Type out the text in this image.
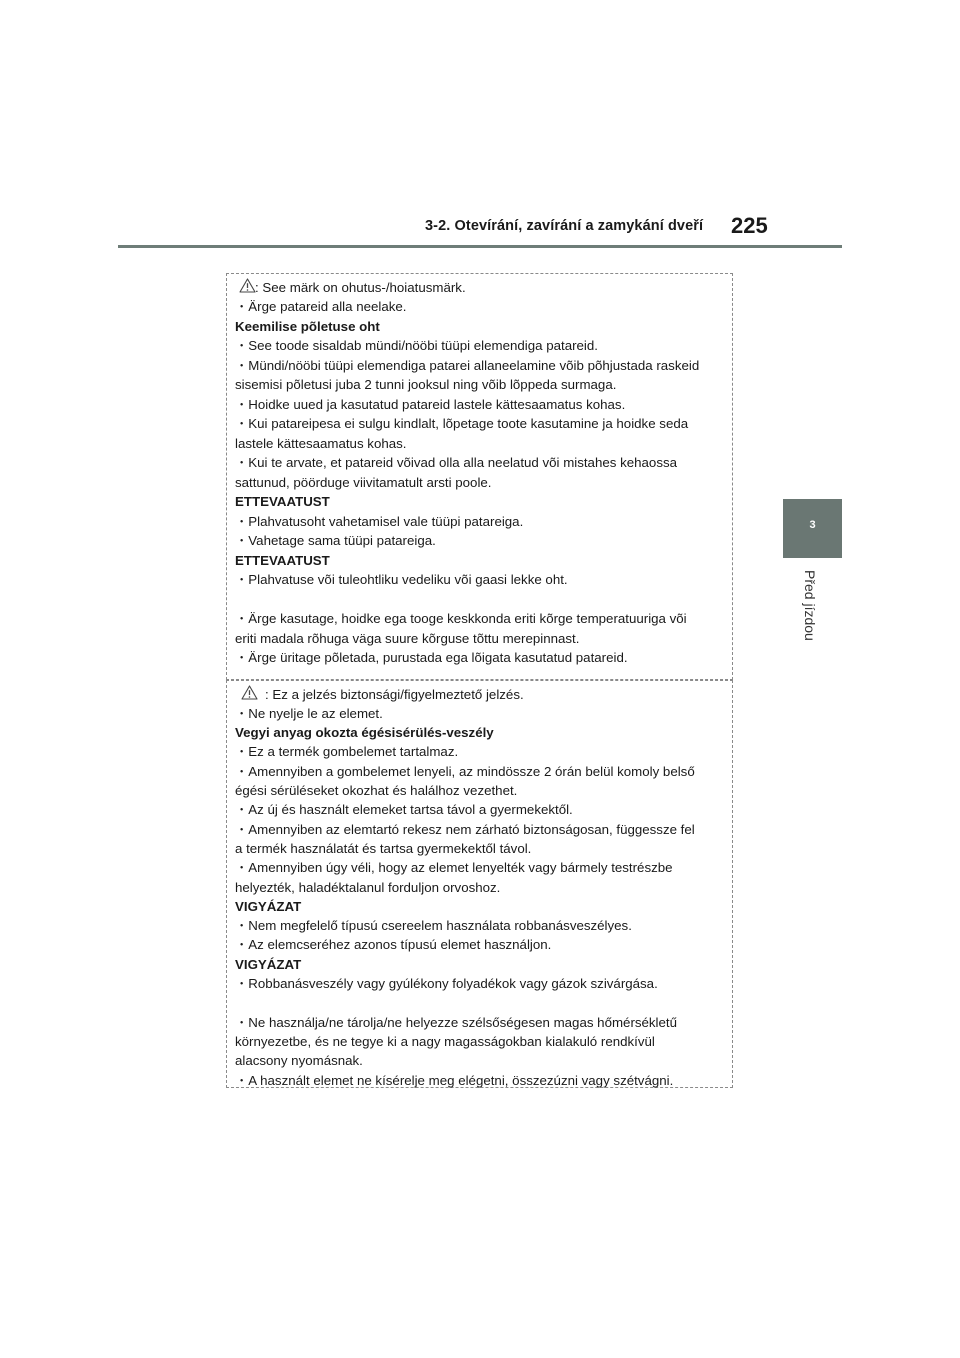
3-2. Otevírání, zavírání a zamykání dveří 225
3
Před jízdou
: See märk on ohutus-/hoiatusmärk.
・Ärge patareid alla neelake.
Keemilise põletuse oht
・See toode sisaldab mündi/nööbi tüüpi elemendiga patareid.
・Mündi/nööbi tüüpi elemendiga patarei allaneelamine võib põhjustada raskeid
sisemisi põletusi juba 2 tunni jooksul ning võib lõppeda surmaga.
・Hoidke uued ja kasutatud patareid lastele kättesaamatus kohas.
・Kui patareipesa ei sulgu kindlalt, lõpetage toote kasutamine ja hoidke seda
lastele kättesaamatus kohas.
・Kui te arvate, et patareid võivad olla alla neelatud või mistahes kehaossa
sattunud, pöörduge viivitamatult arsti poole.
ETTEVAATUST
・Plahvatusoht vahetamisel vale tüüpi patareiga.
・Vahetage sama tüüpi patareiga.
ETTEVAATUST
・Plahvatuse või tuleohtliku vedeliku või gaasi lekke oht.
・Ärge kasutage, hoidke ega tooge keskkonda eriti kõrge temperatuuriga või
eriti madala rõhuga väga suure kõrguse tõttu merepinnast.
・Ärge üritage põletada, purustada ega lõigata kasutatud patareid.
: Ez a jelzés biztonsági/figyelmeztető jelzés.
・Ne nyelje le az elemet.
Vegyi anyag okozta égésisérülés-veszély
・Ez a termék gombelemet tartalmaz.
・Amennyiben a gombelemet lenyeli, az mindössze 2 órán belül komoly belső
égési sérüléseket okozhat és halálhoz vezethet.
・Az új és használt elemeket tartsa távol a gyermekektől.
・Amennyiben az elemtartó rekesz nem zárható biztonságosan, függessze fel
a termék használatát és tartsa gyermekektől távol.
・Amennyiben úgy véli, hogy az elemet lenyelték vagy bármely testrészbe
helyezték, haladéktalanul forduljon orvoshoz.
VIGYÁZAT
・Nem megfelelő típusú csereelem használata robbanásveszélyes.
・Az elemcseréhez azonos típusú elemet használjon.
VIGYÁZAT
・Robbanásveszély vagy gyúlékony folyadékok vagy gázok szivárgása.
・Ne használja/ne tárolja/ne helyezze szélsőségesen magas hőmérsékletű
környezetbe, és ne tegye ki a nagy magasságokban kialakuló rendkívül
alacsony nyomásnak.
・A használt elemet ne kísérelje meg elégetni, összezúzni vagy szétvágni.
